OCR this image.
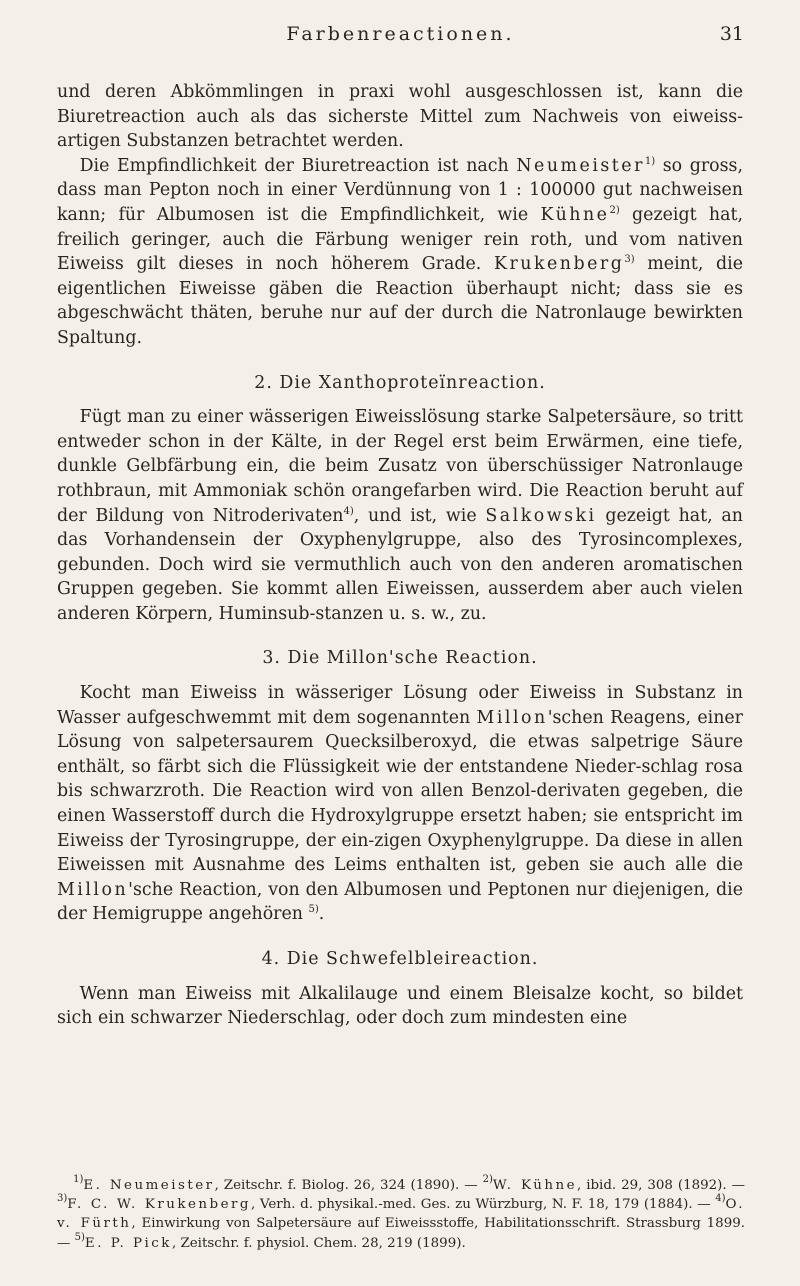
Farbenreactionen.	31

und deren Abkömmlingen in praxi wohl ausgeschlossen ist, kann die Biuretreaction auch als das sicherste Mittel zum Nachweis von eiweiss-artigen Substanzen betrachtet werden.

Die Empfindlichkeit der Biuretreaction ist nach Neumeister$^{1)}$ so gross, dass man Pepton noch in einer Verdünnung von 1 : 100000 gut nachweisen kann; für Albumosen ist die Empfindlichkeit, wie Kühne$^{2)}$ gezeigt hat, freilich geringer, auch die Färbung weniger rein roth, und vom nativen Eiweiss gilt dieses in noch höherem Grade. Krukenberg$^{3)}$ meint, die eigentlichen Eiweisse gäben die Reaction überhaupt nicht; dass sie es abgeschwächt thäten, beruhe nur auf der durch die Natronlauge bewirkten Spaltung.

2. Die Xanthoproteïnreaction.

Fügt man zu einer wässerigen Eiweisslösung starke Salpetersäure, so tritt entweder schon in der Kälte, in der Regel erst beim Erwärmen, eine tiefe, dunkle Gelbfärbung ein, die beim Zusatz von überschüssiger Natronlauge rothbraun, mit Ammoniak schön orangefarben wird. Die Reaction beruht auf der Bildung von Nitroderivaten$^{4)}$, und ist, wie Salkowski gezeigt hat, an das Vorhandensein der Oxyphenylgruppe, also des Tyrosincomplexes, gebunden. Doch wird sie vermuthlich auch von den anderen aromatischen Gruppen gegeben. Sie kommt allen Eiweissen, ausserdem aber auch vielen anderen Körpern, Huminsub-stanzen u. s. w., zu.

3. Die Millon'sche Reaction.

Kocht man Eiweiss in wässeriger Lösung oder Eiweiss in Substanz in Wasser aufgeschwemmt mit dem sogenannten Millon'schen Reagens, einer Lösung von salpetersaurem Quecksilberoxyd, die etwas salpetrige Säure enthält, so färbt sich die Flüssigkeit wie der entstandene Nieder-schlag rosa bis schwarzroth. Die Reaction wird von allen Benzol-derivaten gegeben, die einen Wasserstoff durch die Hydroxylgruppe ersetzt haben; sie entspricht im Eiweiss der Tyrosingruppe, der ein-zigen Oxyphenylgruppe. Da diese in allen Eiweissen mit Ausnahme des Leims enthalten ist, geben sie auch alle die Millon'sche Reaction, von den Albumosen und Peptonen nur diejenigen, die der Hemigruppe angehören $^{5)}$.

4. Die Schwefelbleireaction.

Wenn man Eiweiss mit Alkalilauge und einem Bleisalze kocht, so bildet sich ein schwarzer Niederschlag, oder doch zum mindesten eine

$^{1)}$E. Neumeister, Zeitschr. f. Biolog. 26, 324 (1890). — $^{2)}$W. Kühne, ibid. 29, 308 (1892). — $^{3)}$F. C. W. Krukenberg, Verh. d. physikal.-med. Ges. zu Würzburg, N. F. 18, 179 (1884). — $^{4)}$O. v. Fürth, Einwirkung von Salpetersäure auf Eiweissstoffe, Habilitationsschrift. Strassburg 1899. — $^{5)}$E. P. Pick, Zeitschr. f. physiol. Chem. 28, 219 (1899).
